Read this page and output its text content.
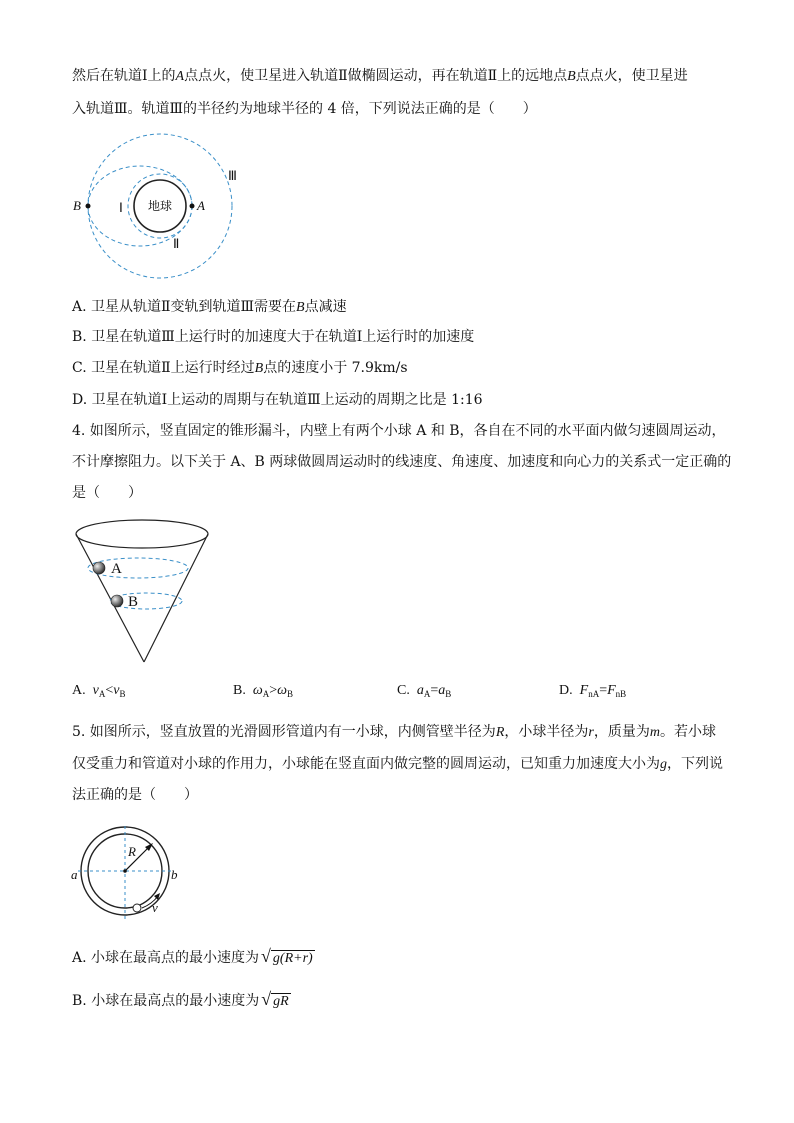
然后在轨道Ⅰ上的A点点火，使卫星进入轨道Ⅱ做椭圆运动，再在轨道Ⅱ上的远地点B点点火，使卫星进
入轨道Ⅲ。轨道Ⅲ的半径约为地球半径的 4 倍，下列说法正确的是（　　）
地球
B	A
Ⅰ
Ⅱ
Ⅲ
A. 卫星从轨道Ⅱ变轨到轨道Ⅲ需要在B点减速
B. 卫星在轨道Ⅲ上运行时的加速度大于在轨道Ⅰ上运行时的加速度
C. 卫星在轨道Ⅱ上运行时经过B点的速度小于 7.9km/s
D. 卫星在轨道Ⅰ上运动的周期与在轨道Ⅲ上运动的周期之比是 1:16
4. 如图所示，竖直固定的锥形漏斗，内壁上有两个小球 A 和 B，各自在不同的水平面内做匀速圆周运动，
不计摩擦阻力。以下关于 A、B 两球做圆周运动时的线速度、角速度、加速度和向心力的关系式一定正确的
是（　　）
A
B
A. $v_A<v_B$	B. $\omega_A>\omega_B$	C. $a_A=a_B$	D. $F_{nA}=F_{nB}$
5. 如图所示，竖直放置的光滑圆形管道内有一小球，内侧管壁半径为R，小球半径为r，质量为m。若小球
仅受重力和管道对小球的作用力，小球能在竖直面内做完整的圆周运动，已知重力加速度大小为g，下列说
法正确的是（　　）
R
a	b
v
A. 小球在最高点的最小速度为 √ g(R+r)
B. 小球在最高点的最小速度为 √ gR
